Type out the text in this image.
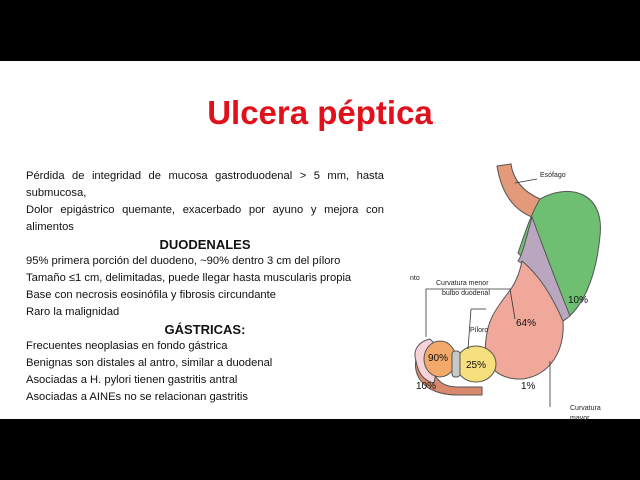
Ulcera péptica

Pérdida de integridad de mucosa gastroduodenal > 5 mm, hasta submucosa,

Dolor epigástrico quemante, exacerbado por ayuno y mejora con alimentos

DUODENALES

95% primera porción del duodeno, ~90% dentro 3 cm del píloro

Tamaño ≤1 cm, delimitadas, puede llegar hasta muscularis propia

Base con necrosis eosinófila y fibrosis circundante

Raro la malignidad

GÁSTRICAS:

Frecuentes neoplasias en fondo gástrica

Benignas son distales al antro, similar a duodenal

Asociadas a H. pylori tienen gastritis antral

Asociadas a AINEs no se relacionan gastritis

Esófago
Curvatura menor
bulbo duodenal
Píloro
Curvatura
mayor
nto
10%
64%
90%
25%
10%	1%
